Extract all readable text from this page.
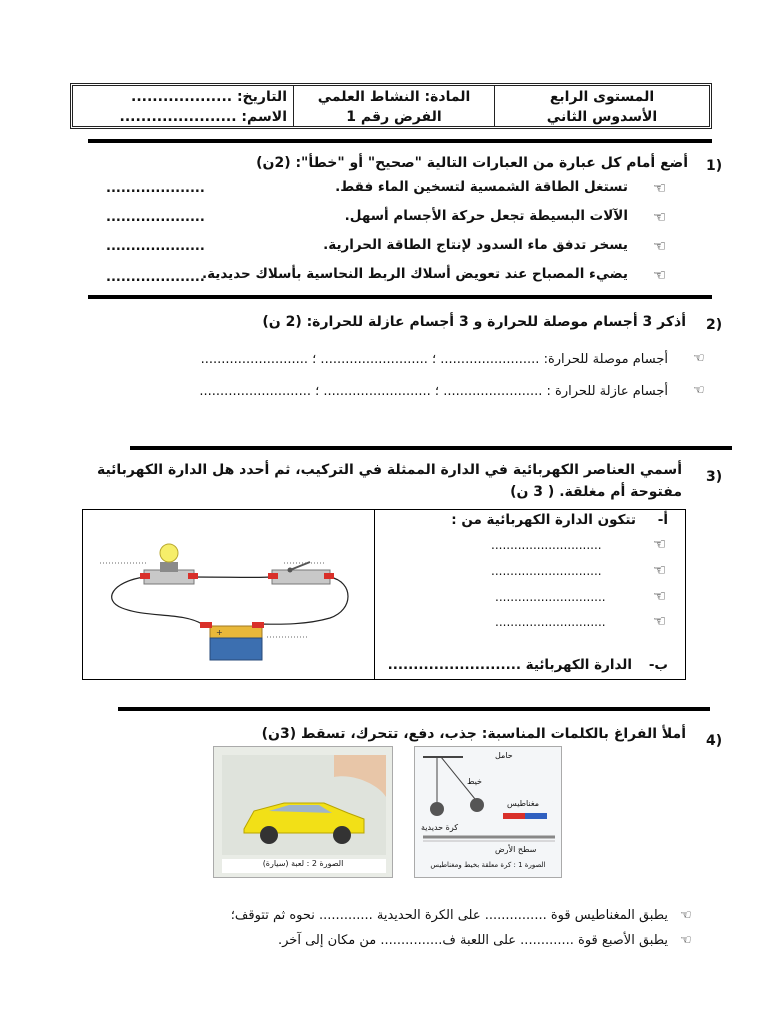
المستوى الرابع
الأسدوس الثاني
المادة: النشاط العلمي
الفرض رقم 1
التاريخ: ...................
الاسم: ......................
1)
أضع أمام كل عبارة من العبارات التالية "صحيح" أو "خطأ": (2ن)
☜
تستغل الطاقة الشمسية لتسخين الماء فقط.
....................
☜
الآلات البسيطة تجعل حركة الأجسام أسهل.
....................
☜
يسخر تدفق ماء السدود لإنتاج الطاقة الحرارية.
....................
☜
يضيء المصباح عند تعويض أسلاك الربط النحاسية بأسلاك حديدية.
....................
2)
أذكر 3 أجسام موصلة للحرارة و 3 أجسام عازلة للحرارة: (2 ن)
☜
أجسام موصلة للحرارة: ........................ ؛ .......................... ؛ ..........................
☜
أجسام عازلة للحرارة : ........................ ؛ .......................... ؛ ...........................
3)
أسمي العناصر الكهربائية في الدارة الممثلة في التركيب، ثم أحدد هل الدارة الكهربائية
مفتوحة أم مغلقة. ( 3 ن)
أ-
تتكون الدارة الكهربائية من :
☜
.............................
☜
.............................
☜
.............................
☜
.............................
ب-
الدارة الكهربائية ..........................
+
4)
أملأ الفراغ بالكلمات المناسبة: جذب، دفع، تتحرك، تسقط (3ن)
الصورة 2 : لعبة (سيارة)
حامل
خيط
مغناطيس
كرة حديدية
سطح الأرض
الصورة 1 : كرة معلقة بخيط ومغناطيس
☜
يطبق المغناطيس قوة ............... على الكرة الحديدية ............. نحوه ثم تتوقف؛
☜
يطبق الأصبع قوة ............. على اللعبة ف............... من مكان إلى آخر.
